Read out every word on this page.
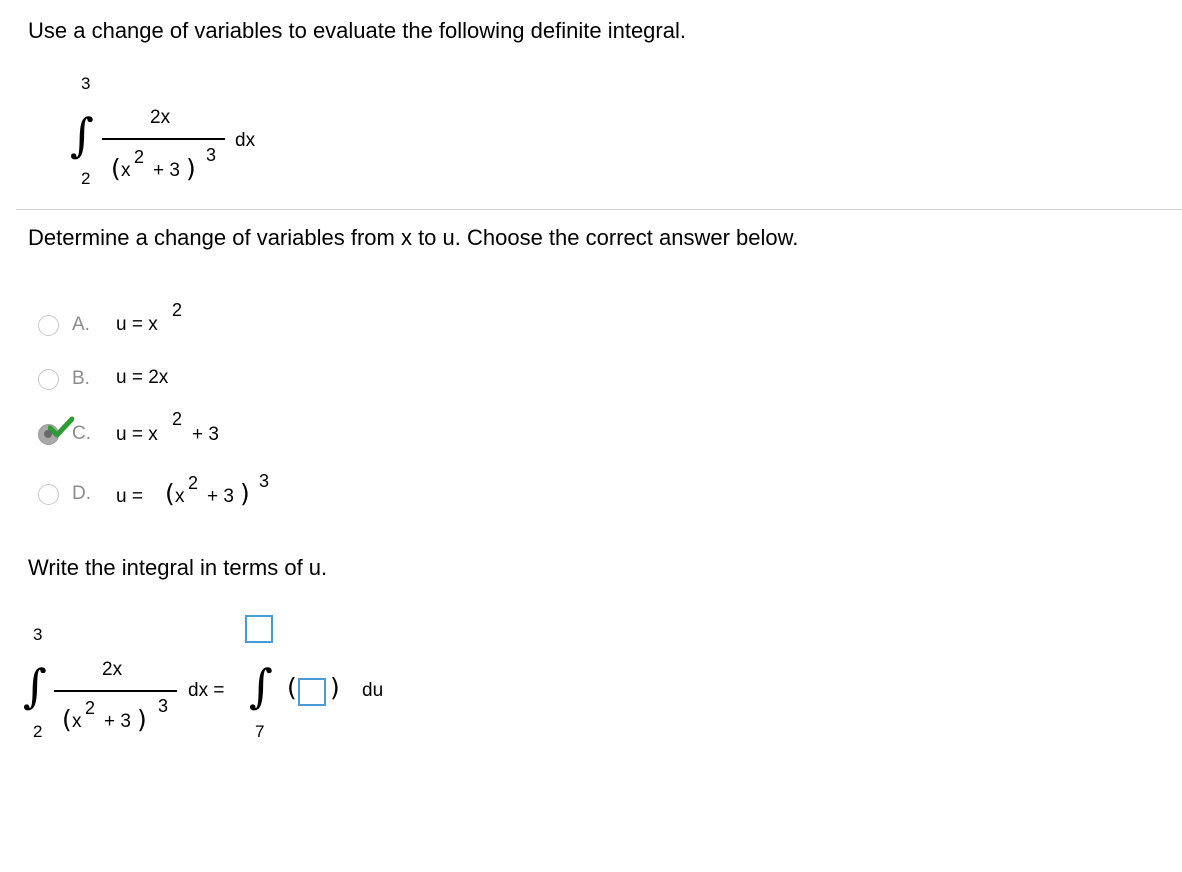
Use a change of variables to evaluate the following definite integral.
3
∫
2
2x
( x
2
+ 3 ) 3
dx
Determine a change of variables from x to u. Choose the correct answer below.
A. u = x
2
B. u = 2x
C. u = x
2
+ 3
D. u = ( x
2
+ 3 ) 3
Write the integral in terms of u.
3
∫
2
2x
( x
2
+ 3 ) 3
dx = ∫
7
( ) du
